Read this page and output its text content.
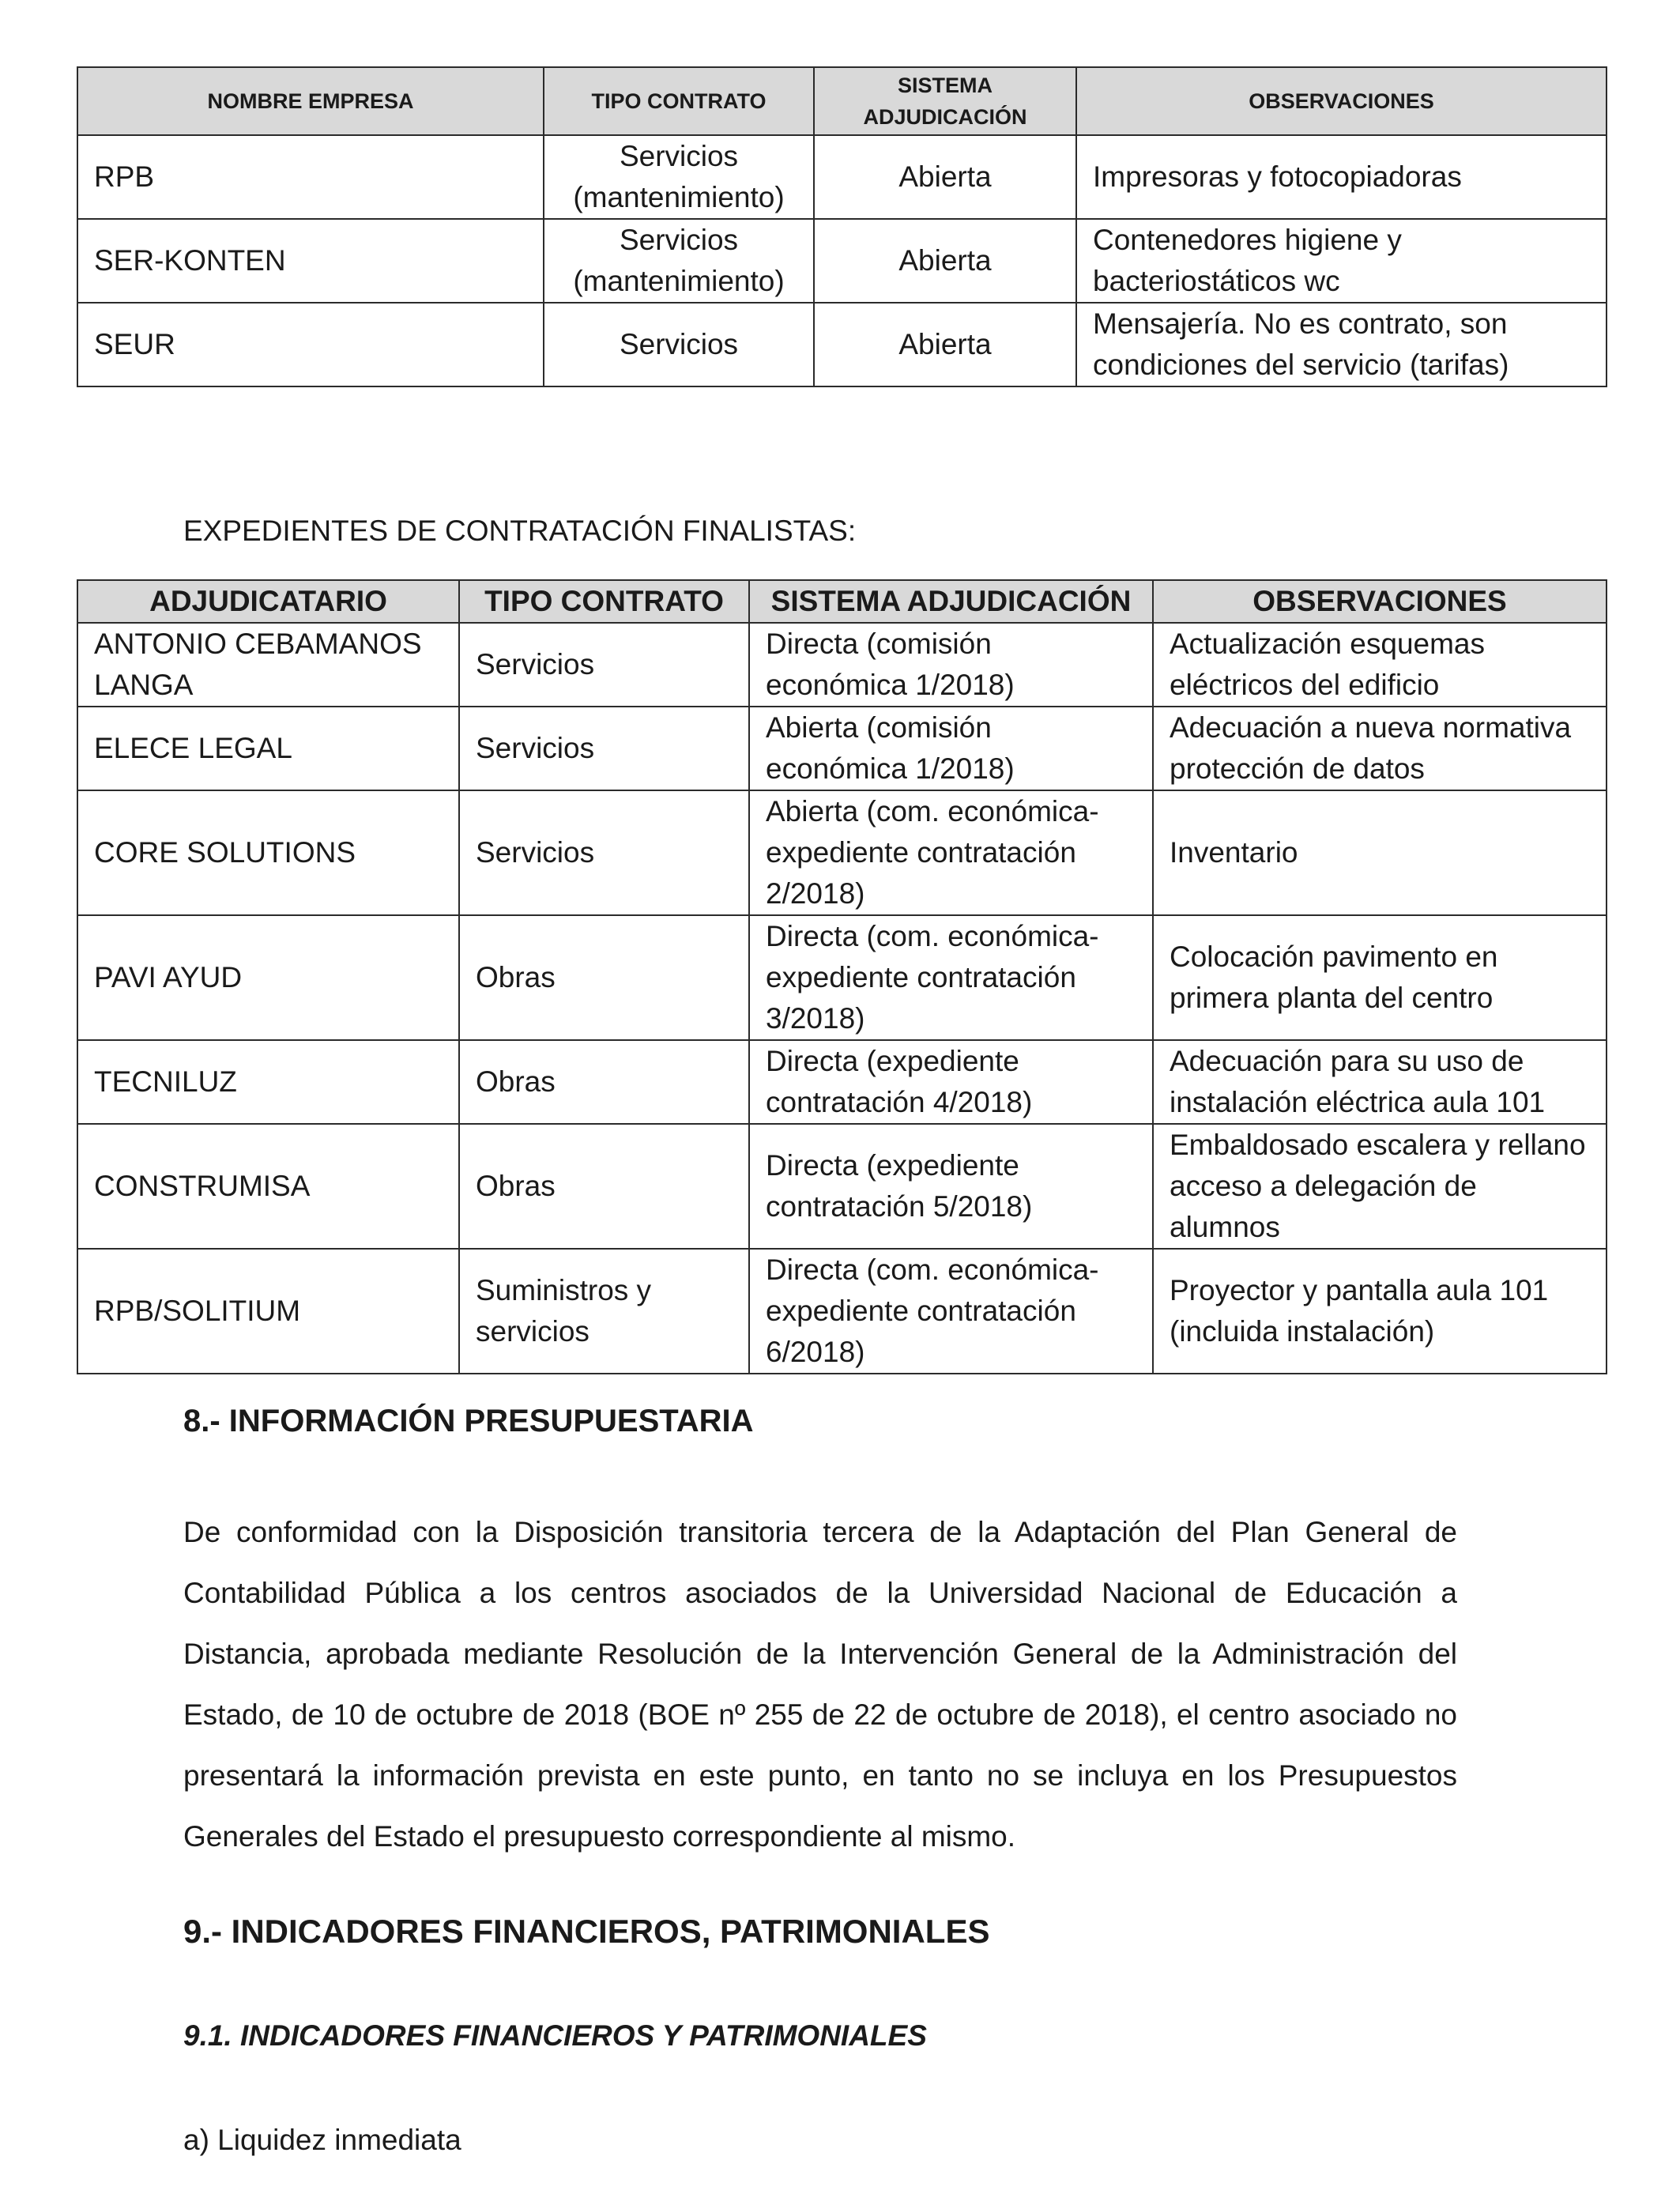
NOMBRE EMPRESA	TIPO CONTRATO	SISTEMA ADJUDICACIÓN	OBSERVACIONES
RPB	Servicios (mantenimiento)	Abierta	Impresoras y fotocopiadoras
SER-KONTEN	Servicios (mantenimiento)	Abierta	Contenedores higiene y bacteriostáticos wc
SEUR	Servicios	Abierta	Mensajería. No es contrato, son condiciones del servicio (tarifas)

EXPEDIENTES DE CONTRATACIÓN FINALISTAS:

ADJUDICATARIO	TIPO CONTRATO	SISTEMA ADJUDICACIÓN	OBSERVACIONES
ANTONIO CEBAMANOS LANGA	Servicios	Directa (comisión económica 1/2018)	Actualización esquemas eléctricos del edificio
ELECE LEGAL	Servicios	Abierta (comisión económica 1/2018)	Adecuación a nueva normativa protección de datos
CORE SOLUTIONS	Servicios	Abierta (com. económica- expediente contratación 2/2018)	Inventario
PAVI AYUD	Obras	Directa (com. económica- expediente contratación 3/2018)	Colocación pavimento en primera planta del centro
TECNILUZ	Obras	Directa (expediente contratación 4/2018)	Adecuación para su uso de instalación eléctrica aula 101
CONSTRUMISA	Obras	Directa (expediente contratación 5/2018)	Embaldosado escalera y rellano acceso a delegación de alumnos
RPB/SOLITIUM	Suministros y servicios	Directa (com. económica- expediente contratación 6/2018)	Proyector y pantalla aula 101 (incluida instalación)
8.- INFORMACIÓN PRESUPUESTARIA

De conformidad con la Disposición transitoria tercera de la Adaptación del Plan General de Contabilidad Pública a los centros asociados de la Universidad Nacional de Educación a Distancia, aprobada mediante Resolución de la Intervención General de la Administración del Estado, de 10 de octubre de 2018 (BOE nº 255 de 22 de octubre de 2018), el centro asociado no presentará la información prevista en este punto, en tanto no se incluya en los Presupuestos Generales del Estado el presupuesto correspondiente al mismo.

9.- INDICADORES FINANCIEROS, PATRIMONIALES
9.1. INDICADORES FINANCIEROS Y PATRIMONIALES

a) Liquidez inmediata
